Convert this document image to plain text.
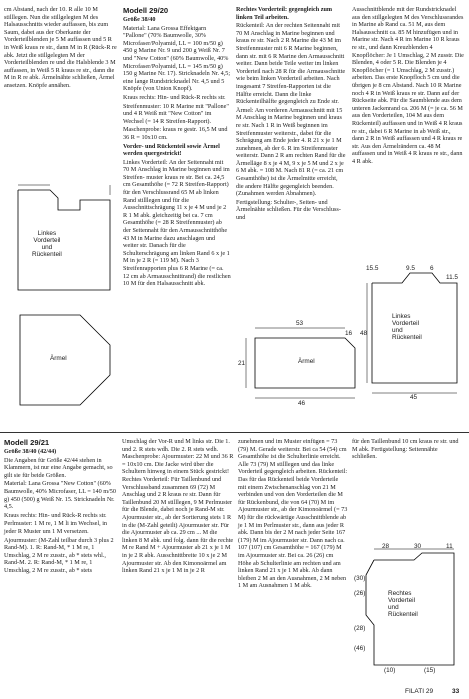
cm Abstand, nach der 10. R alle 10 M stilllegen. Nun die stillgelegten M des Halsausschnitts wieder auffassen, bis zum Saum, dabei aus der Oberkante der Vorderteilblenden je 5 M auffassen und 5 R in Weiß kraus re str., dann M in R (Rück-R re abk. Jetzt die stillgelegten M der Vorderteilblenden re und die Halsblende 3 M auffassen, in Weiß 5 R kraus re str., dann die M in R re abk. Ärmelnähte schließen, Ärmel ansetzen. Knöpfe annähen.

Linkes
Vorderteil
und
Rückenteil
Ärmel

Modell 29/20

Größe 38/40

Material: Lana Grossa Effektgarn "Pallone" (70% Baumwolle, 30% Microfaser/Polyamid, LL = 100 m/50 g) 450 g Marine Nr. 9 und 200 g Weiß Nr. 7 und "New Cotton" (60% Baumwolle, 40% Microfaser/Polyamid, LL = 145 m/50 g) 150 g Marine Nr. 17). Stricknadeln Nr. 4,5; eine lange Rundstricknadel Nr. 4,5 und 5 Knöpfe (von Union Knopf).

Kraus rechts: Hin- und Rück-R rechts str.

Streifenmuster: 10 R Marine mit "Pallone" und 4 R Weiß mit "New Cotton" im Wechsel (= 14 R Streifen-Rapport).

Maschenprobe: kraus re gestr. 16,5 M und 36 R = 10x10 cm.

Vorder- und Rückenteil sowie Ärmel werden quergestrickt!

Linkes Vorderteil: An der Seitennaht mit 70 M Anschlag in Marine beginnen und im Streifen- muster kraus re str. Bei ca. 24,5 cm Gesamthöhe (= 72 R Streifen-Rapport) für den Verschlussrand 65 M ab linken Rand stilllegen und für die Ausschnittschrägung 11 x je 4 M und je 2 R 1 M abk. gleichzeitig bei ca. 7 cm Gesamthöhe (= 28 R Streifenmuster) ab der Seitennaht für den Armausschnitthöhe 43 M in Marine dazu anschlagen und weiter str. Danach für die Schulterschrägung am linken Rand 6 x je 1 M in je 2 R (= 119 M). Nach 3 Streifenrapporten plus 6 R Marine (= ca. 12 cm ab Armausschnittrand) die restlichen 10 M für den Halsausschnitt abk.

Rechtes Vorderteil: gegengleich zum linken Teil arbeiten.

Rückenteil: An der rechten Seitennaht mit 70 M Anschlag in Marine beginnen und kraus re str. Nach 2 R Marine die 43 M im Streifenmuster mit 6 R Marine beginnen, dann str. mit 6 R Marine den Armausschnitt weiter. Dann beide Teile weiter im linken Vorderteil nach 28 R für die Armausschnitte wie beim linken Vorderteil arbeiten. Nach insgesamt 7 Streifen-Rapporten ist die Hälfte erreicht. Dann die linke Rückenteilhälfte gegengleich zu Ende str.

Ärmel: Am vorderen Armausschnitt mit 15 M Anschlag in Marine beginnen und kraus re str. Nach 1 R in Weiß beginnen im Streifenmuster weiterstr., dabei für die Schrägung am Ende jeder 4. R 21 x je 1 M zunehmen, ab der 6. R im Streifenmuster weiterstr. Dann 2 R am rechten Rand für die Ärmelläge 8 x je 4 M, 9 x je 5 M und 2 x je 6 M abk. = 108 M. Nach 81 R (= ca. 21 cm Gesamthöhe) ist die Ärmelmitte erreicht, die andere Hälfte gegengleich beenden. (Zunahmen werden Abnahmen).

Fertigstellung: Schulter-, Seiten- und Ärmelnähte schließen. Für die Verschluss- und

53
16
21	Ärmel
46

Ausschnittblende mit der Rundstricknadel aus den stillgelegten M des Verschlussrandes in Marine ab Rand ca. 51 M, aus dem Halsausschnitt ca. 85 M hinzufügen und in Marine str. Nach 4 R im Marine 10 R kraus re str., und dann Kreuzblenden 4 Knopflöcher: Je 1 Umschlag, 2 M zusstr. Die Blenden, 4 oder 5 R. Die Blenden je 4 Knopflöcher (= 1 Umschlag, 2 M zusstr.) arbeiten. Das erste Knopfloch 5 cm und die übrigen je 8 cm Abstand. Nach 10 R Marine noch 4 R in Weiß kraus re str. Dann auf der Rückseite abk. Für die Saumblende aus dem unteren Jackenrand ca. 206 M (= je ca. 56 M aus den Vorderteilen, 104 M aus dem Rückenteil) auffassen und in Weiß 4 R kraus re str., dabei 6 R Marine in ab Weiß str., dann 2 R in Weiß auffassen und 4 R kraus re str. Aus den Ärmelrändern ca. 48 M auffassen und in Weiß 4 R kraus re str., dann 4 R abk.

15.5	9.5 6
11.5
Linkes
Vorderteil
und
Rückenteil
48
45

Modell 29/21

Größe 38/40 (42/44)

Die Angaben für Größe 42/44 stehen in Klammern, ist nur eine Angabe gemacht, so gilt sie für beide Größen.

Material: Lana Grossa "New Cotton" (60% Baumwolle, 40% Microfaser, LL = 140 m/50 g) 450 (500) g Weiß Nr. 15. Stricknadeln Nr. 4,5.

Kraus rechts: Hin- und Rück-R rechts str.

Perlmuster: 1 M re, 1 M li im Wechsel, in jeder R Muster um 1 M versetzen.

Ajourmuster: (M-Zahl teilbar durch 3 plus 2 Rand-M). 1. R: Rand-M, * 1 M re, 1 Umschlag, 2 M re zusstr., ab * stets whl., Rand-M. 2. R: Rand-M, * 1 M re, 1 Umschlag, 2 M re zusstr., ab * stets

Umschlag der Vor-R und M links str. Die 1. und 2. R stets wdh. Die 2. R stets wdh. Maschenprobe: Ajourmuster: 22 M und 36 R = 10x10 cm. Die Jacke wird über die Schultern hinweg in einem Stück gestrickt! Rechtes Vorderteil: Für Taillenbund und Verschlussband zusammen 69 (72) M Anschlag und 2 R kraus re str. Dann für Taillenbund 20 M stilllegen, 9 M Perlmuster für die Blende, dabei noch je Rand-M str. Ajourmuster str., ab der Sortierung stets 1 R in die (M-Zahl geteilt) Ajourmuster str. Für die Ajourmuster ab ca. 29 cm ... M die linken 8 M abk. und folg. dann für die rechte M re Rand M + Ajourmuster ab 21 x je 1 M in je 2 R abk. Ausschnittbreite 10 x je 2 M Ajourmuster str. Ab den Kimonoärmel am linken Rand 21 x je 1 M in je 2 R

zunehmen und im Muster einfügen = 73 (79) M. Gerade weiterstr. Bei ca 54 (54) cm Gesamthöhe ist die Schulterlinie erreicht. Alle 73 (79) M stilllegen und das linke Vorderteil gegengleich arbeiten. Rückenteil: Das für das Rückenteil beide Vorderteile mit einem Zwischenanschlag von 21 M verbinden und von den Vorderteilen die M für Rückenbund, die von 64 (70) M im Ajourmuster str., ab der Kimonoärmel (= 73 M) für die rückwärtige Ausschnittblende ab je 1 M im Perlmuster str., dann aus jeder R abk. Dann bis der 2 M nach jeder Seite 167 (179) M im Ajourmuster str. Dann nach ca. 107 (107) cm Gesamthöhe = 167 (179) M im Ajourmuster str. Bei ca. 26 (26) cm Höhe ab Schulterlinie am rechten und am linken Rand 21 x je 1 M abk. Ab dann bleiben 2 M an den Ausnahmen, 2 M neben 1 M am Ausnahmen 1 M abk.

für den Taillenbund 10 cm kraus re str. und M abk. Fertigstellung: Seitennähte schließen.

28	30	11
(30)
(26)
(28)
(46)
Rechtes
Vorderteil
und
Rückenteil
(10)	(15)
FILATI 29	33
